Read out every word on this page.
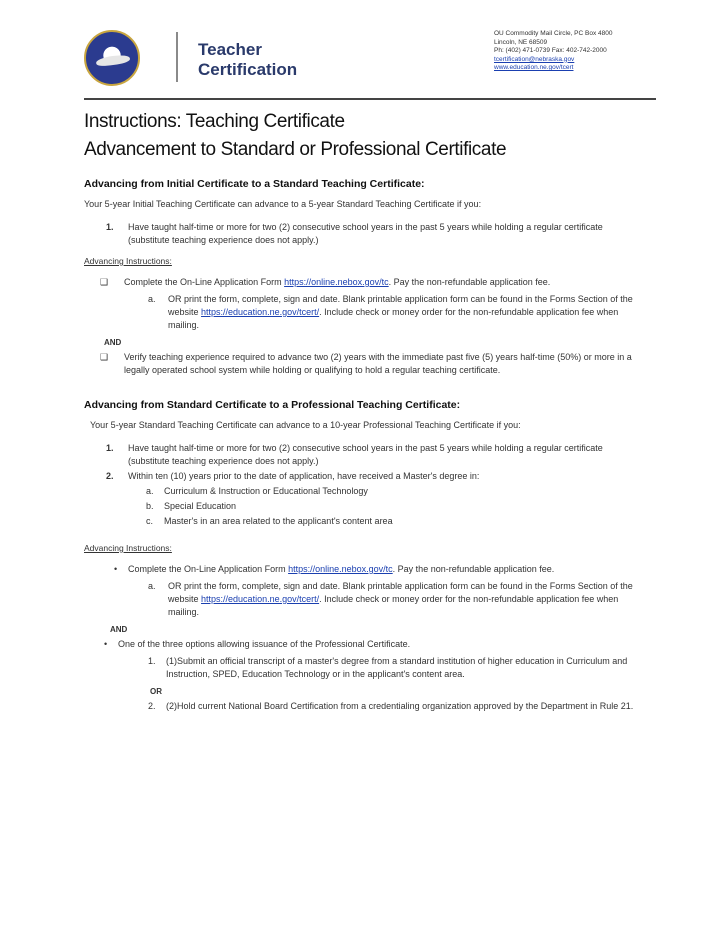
Teacher
Certification
OU Commodity Mail Circle, PC Box 4800
Lincoln, NE 68509
Ph: (402) 471-0739 Fax: 402-742-2000
tcertification@nebraska.gov
www.education.ne.gov/tcert
Instructions: Teaching Certificate
Advancement to Standard or Professional Certificate
Advancing from Initial Certificate to a Standard Teaching Certificate:
Your 5-year Initial Teaching Certificate can advance to a 5-year Standard Teaching Certificate if you:
1.	Have taught half-time or more for two (2) consecutive school years in the past 5 years while holding a regular certificate (substitute teaching experience does not apply.)
Advancing Instructions:
❑	Complete the On-Line Application Form https://online.nebox.gov/tc. Pay the non-refundable application fee.
a.	OR print the form, complete, sign and date. Blank printable application form can be found in the Forms Section of the website https://education.ne.gov/tcert/. Include check or money order for the non-refundable application fee when mailing.
AND
❑	Verify teaching experience required to advance two (2) years with the immediate past five (5) years half-time (50%) or more in a legally operated school system while holding or qualifying to hold a regular teaching certificate.
Advancing from Standard Certificate to a Professional Teaching Certificate:
Your 5-year Standard Teaching Certificate can advance to a 10-year Professional Teaching Certificate if you:
1.	Have taught half-time or more for two (2) consecutive school years in the past 5 years while holding a regular certificate (substitute teaching experience does not apply.)
2.	Within ten (10) years prior to the date of application, have received a Master's degree in:
a.	Curriculum & Instruction or Educational Technology
b.	Special Education
c.	Master's in an area related to the applicant's content area
Advancing Instructions:
•	Complete the On-Line Application Form https://online.nebox.gov/tc. Pay the non-refundable application fee.
a.	OR print the form, complete, sign and date. Blank printable application form can be found in the Forms Section of the website https://education.ne.gov/tcert/. Include check or money order for the non-refundable application fee when mailing.
AND
•	One of the three options allowing issuance of the Professional Certificate.
1.	(1)Submit an official transcript of a master's degree from a standard institution of higher education in Curriculum and Instruction, SPED, Education Technology or in the applicant's content area.
OR
2.	(2)Hold current National Board Certification from a credentialing organization approved by the Department in Rule 21.
